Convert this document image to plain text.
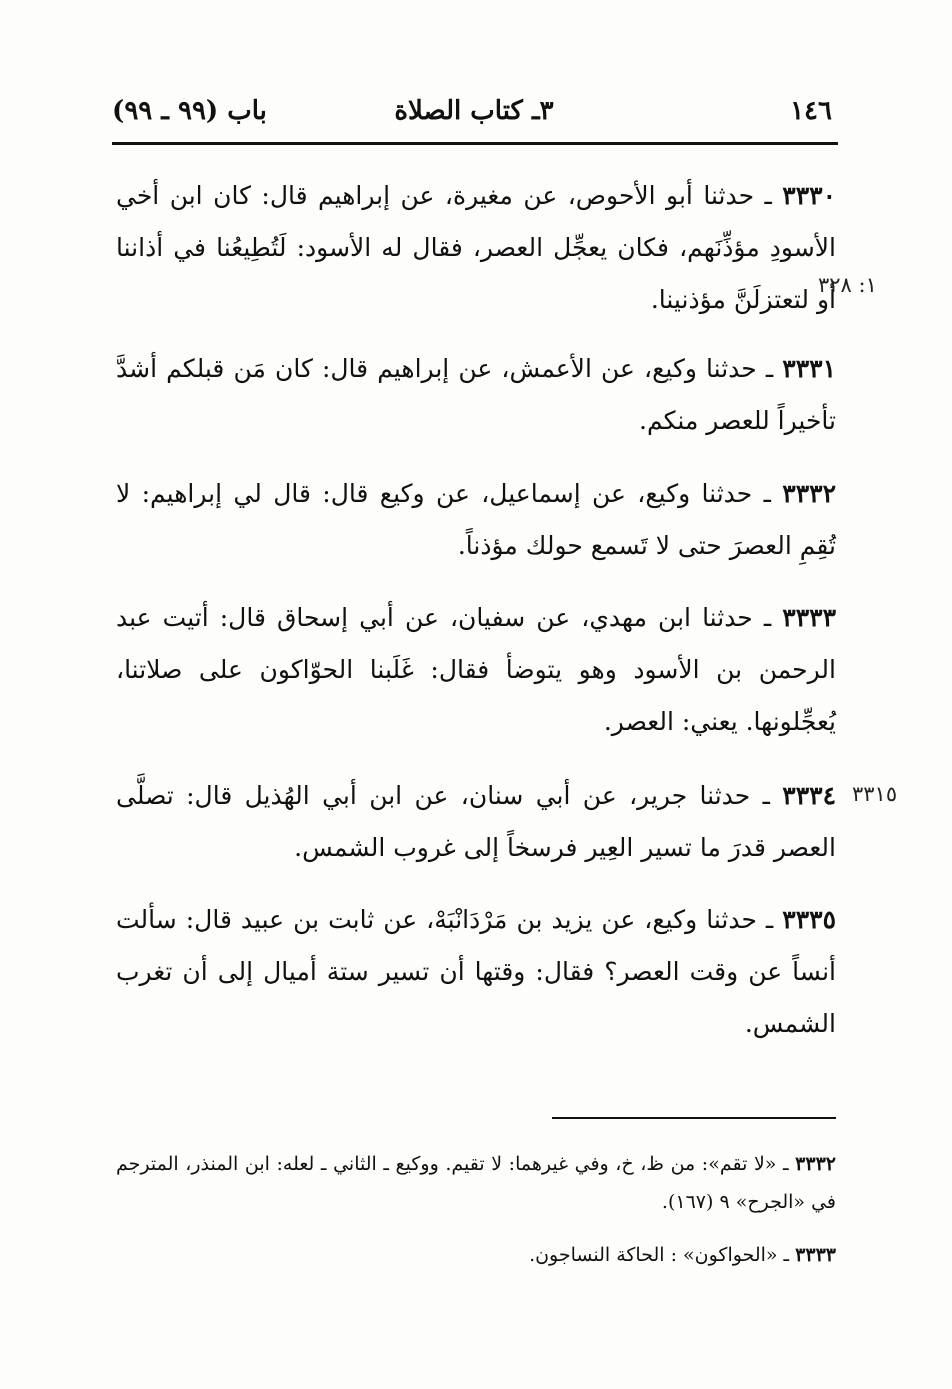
١٤٦
٣ـ كتاب الصلاة
باب (٩٩ ـ ٩٩)

٣٣٣٠ ـ حدثنا أبو الأحوص، عن مغيرة، عن إبراهيم قال: كان ابن أخي الأسودِ مؤذِّنَهم، فكان يعجِّل العصر، فقال له الأسود: لَتُطِيعُنا في أذاننا أو لتعتزلَنَّ مؤذنينا.

١: ٣٢٨

٣٣٣١ ـ حدثنا وكيع، عن الأعمش، عن إبراهيم قال: كان مَن قبلكم أشدَّ تأخيراً للعصر منكم.

٣٣٣٢ ـ حدثنا وكيع، عن إسماعيل، عن وكيع قال: قال لي إبراهيم: لا تُقِمِ العصرَ حتى لا تَسمع حولك مؤذناً.

٣٣٣٣ ـ حدثنا ابن مهدي، عن سفيان، عن أبي إسحاق قال: أتيت عبد الرحمن بن الأسود وهو يتوضأ فقال: غَلَبنا الحوّاكون على صلاتنا، يُعجِّلونها. يعني: العصر.

٣٣٣٤ ـ حدثنا جرير، عن أبي سنان، عن ابن أبي الهُذيل قال: تصلَّى العصر قدرَ ما تسير العِير فرسخاً إلى غروب الشمس.

٣٣١٥

٣٣٣٥ ـ حدثنا وكيع، عن يزيد بن مَرْدَانْبَهْ، عن ثابت بن عبيد قال: سألت أنساً عن وقت العصر؟ فقال: وقتها أن تسير ستة أميال إلى أن تغرب الشمس.

٣٣٣٢ ـ «لا تقم»: من ظ، خ، وفي غيرهما: لا تقيم. ووكيع ـ الثاني ـ لعله: ابن المنذر، المترجم في «الجرح» ٩ (١٦٧).

٣٣٣٣ ـ «الحواكون» : الحاكة النساجون.
